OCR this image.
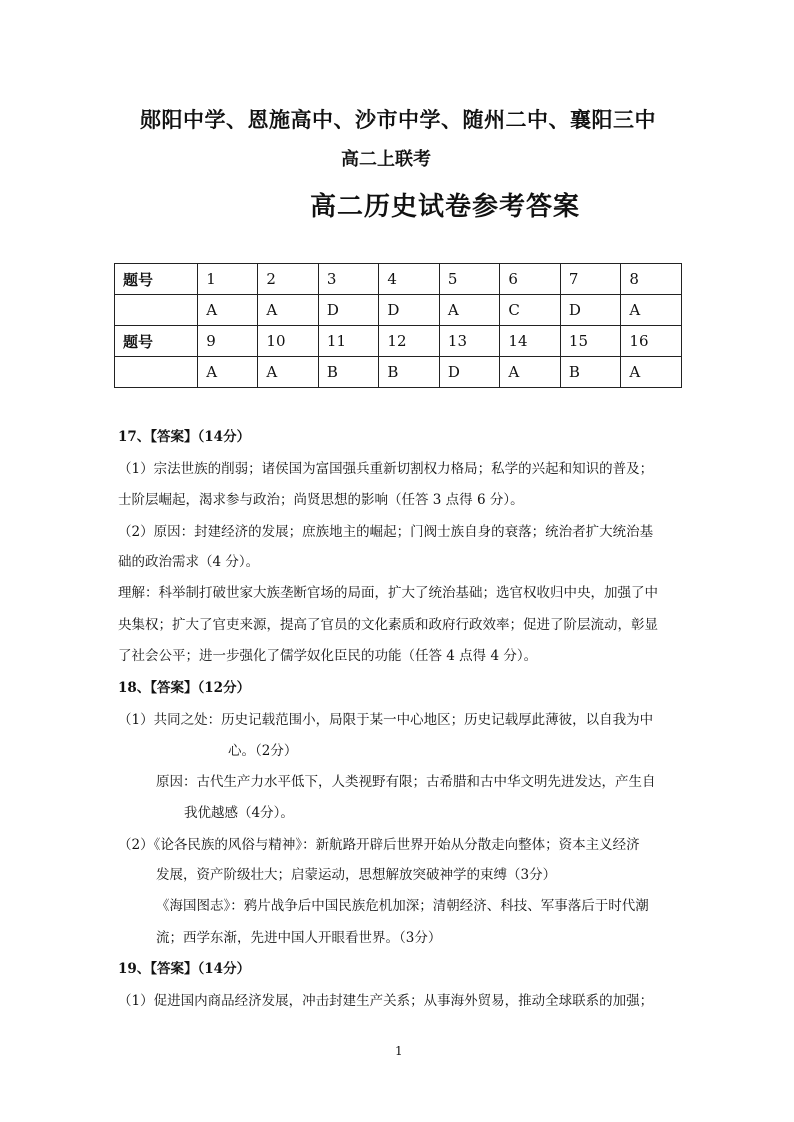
郧阳中学、恩施高中、沙市中学、随州二中、襄阳三中
高二上联考
高二历史试卷参考答案
题号	1	2	3	4	5	6	7	8
	A	A	D	D	A	C	D	A
题号	9	10	11	12	13	14	15	16
	A	A	B	B	D	A	B	A
17、【答案】（14分）
（1）宗法世族的削弱；诸侯国为富国强兵重新切割权力格局；私学的兴起和知识的普及；
士阶层崛起，渴求参与政治；尚贤思想的影响（任答 3 点得 6 分）。
（2）原因：封建经济的发展；庶族地主的崛起；门阀士族自身的衰落；统治者扩大统治基
础的政治需求（4 分）。
理解：科举制打破世家大族垄断官场的局面，扩大了统治基础；选官权收归中央，加强了中
央集权；扩大了官吏来源，提高了官员的文化素质和政府行政效率；促进了阶层流动，彰显
了社会公平；进一步强化了儒学奴化臣民的功能（任答 4 点得 4 分）。
18、【答案】（12分）
（1）共同之处：历史记载范围小，局限于某一中心地区；历史记载厚此薄彼，以自我为中
心。（2分）
原因：古代生产力水平低下，人类视野有限；古希腊和古中华文明先进发达，产生自
我优越感（4分）。
（2）《论各民族的风俗与精神》：新航路开辟后世界开始从分散走向整体；资本主义经济
发展，资产阶级壮大；启蒙运动，思想解放突破神学的束缚（3分）
《海国图志》：鸦片战争后中国民族危机加深；清朝经济、科技、军事落后于时代潮
流；西学东渐，先进中国人开眼看世界。（3分）
19、【答案】（14分）
（1）促进国内商品经济发展，冲击封建生产关系；从事海外贸易，推动全球联系的加强；
1
